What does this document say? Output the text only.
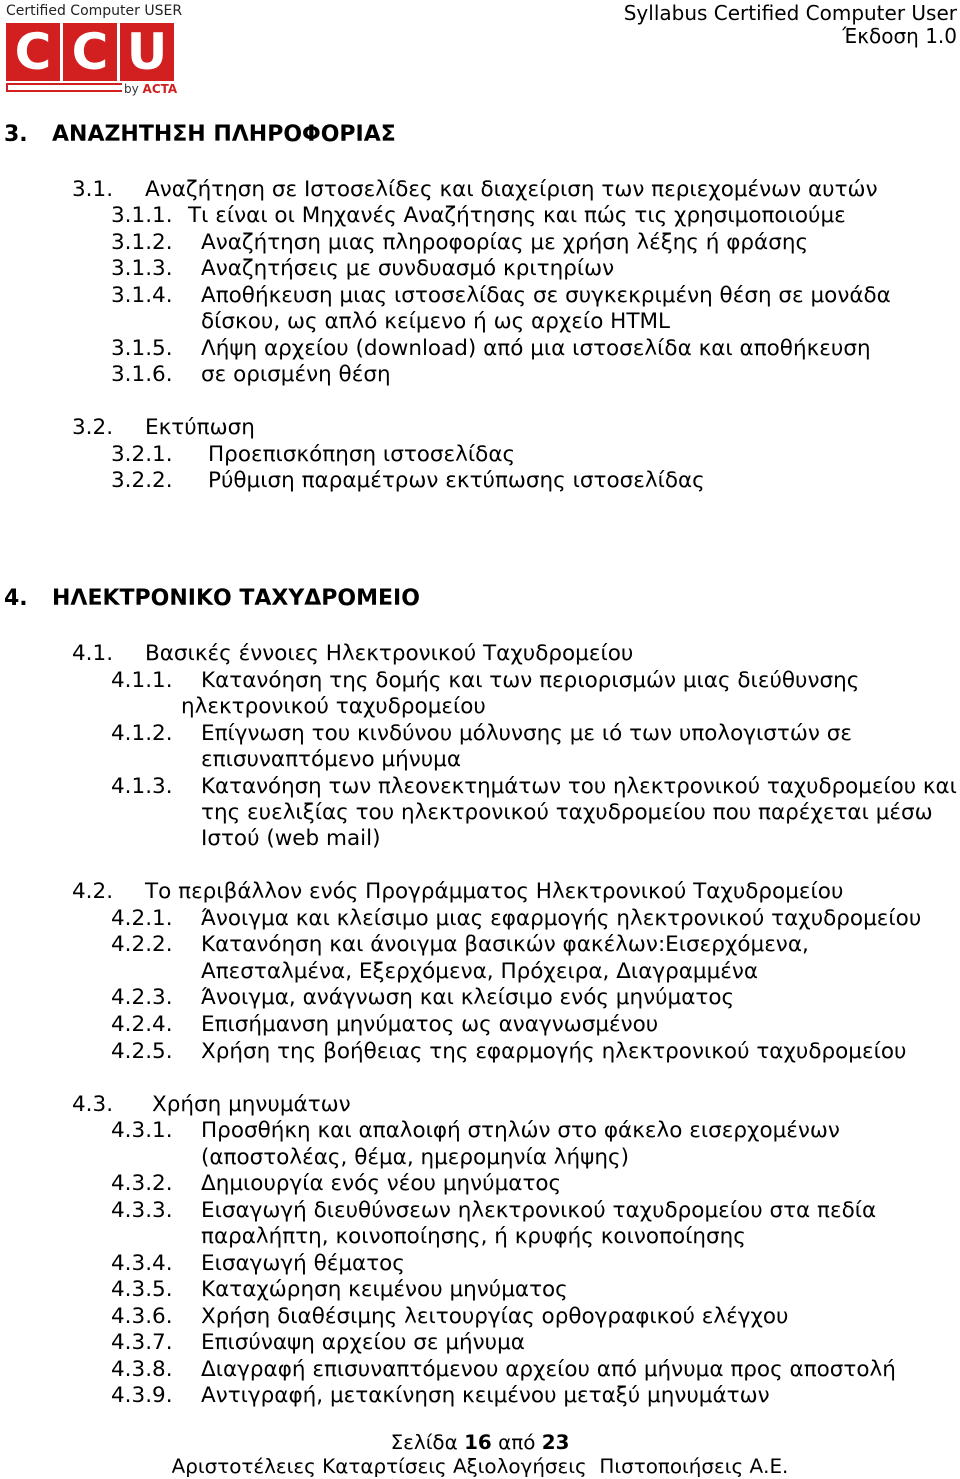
Certified Computer USER
C C U
by ACTA
Syllabus Certified Computer User
Έκδοση 1.0
3. ΑΝΑΖΗΤΗΣΗ ΠΛΗΡΟΦΟΡΙΑΣ
3.1. Αναζήτηση σε Ιστοσελίδες και διαχείριση των περιεχομένων αυτών
3.1.1. Τι είναι οι Μηχανές Αναζήτησης και πώς τις χρησιμοποιούμε
3.1.2. Αναζήτηση μιας πληροφορίας με χρήση λέξης ή φράσης
3.1.3. Αναζητήσεις με συνδυασμό κριτηρίων
3.1.4. Αποθήκευση μιας ιστοσελίδας σε συγκεκριμένη θέση σε μονάδα
δίσκου, ως απλό κείμενο ή ως αρχείο HTML
3.1.5. Λήψη αρχείου (download) από μια ιστοσελίδα και αποθήκευση
3.1.6. σε ορισμένη θέση
3.2. Εκτύπωση
3.2.1. Προεπισκόπηση ιστοσελίδας
3.2.2. Ρύθμιση παραμέτρων εκτύπωσης ιστοσελίδας
4. ΗΛΕΚΤΡΟΝΙΚΟ ΤΑΧΥΔΡΟΜΕΙΟ
4.1. Βασικές έννοιες Ηλεκτρονικού Ταχυδρομείου
4.1.1. Κατανόηση της δομής και των περιορισμών μιας διεύθυνσης
ηλεκτρονικού ταχυδρομείου
4.1.2. Επίγνωση του κινδύνου μόλυνσης με ιό των υπολογιστών σε
επισυναπτόμενο μήνυμα
4.1.3. Κατανόηση των πλεονεκτημάτων του ηλεκτρονικού ταχυδρομείου και
της ευελιξίας του ηλεκτρονικού ταχυδρομείου που παρέχεται μέσω
Ιστού (web mail)
4.2. Το περιβάλλον ενός Προγράμματος Ηλεκτρονικού Ταχυδρομείου
4.2.1. Άνοιγμα και κλείσιμο μιας εφαρμογής ηλεκτρονικού ταχυδρομείου
4.2.2. Κατανόηση και άνοιγμα βασικών φακέλων:Εισερχόμενα,
Απεσταλμένα, Εξερχόμενα, Πρόχειρα, Διαγραμμένα
4.2.3. Άνοιγμα, ανάγνωση και κλείσιμο ενός μηνύματος
4.2.4. Επισήμανση μηνύματος ως αναγνωσμένου
4.2.5. Χρήση της βοήθειας της εφαρμογής ηλεκτρονικού ταχυδρομείου
4.3. Χρήση μηνυμάτων
4.3.1. Προσθήκη και απαλοιφή στηλών στο φάκελο εισερχομένων
(αποστολέας, θέμα, ημερομηνία λήψης)
4.3.2. Δημιουργία ενός νέου μηνύματος
4.3.3. Εισαγωγή διευθύνσεων ηλεκτρονικού ταχυδρομείου στα πεδία
παραλήπτη, κοινοποίησης, ή κρυφής κοινοποίησης
4.3.4. Εισαγωγή θέματος
4.3.5. Καταχώρηση κειμένου μηνύματος
4.3.6. Χρήση διαθέσιμης λειτουργίας ορθογραφικού ελέγχου
4.3.7. Επισύναψη αρχείου σε μήνυμα
4.3.8. Διαγραφή επισυναπτόμενου αρχείου από μήνυμα προς αποστολή
4.3.9. Αντιγραφή, μετακίνηση κειμένου μεταξύ μηνυμάτων
Σελίδα 16 από 23
Αριστοτέλειες Καταρτίσεις Αξιολογήσεις  Πιστοποιήσεις Α.Ε.
